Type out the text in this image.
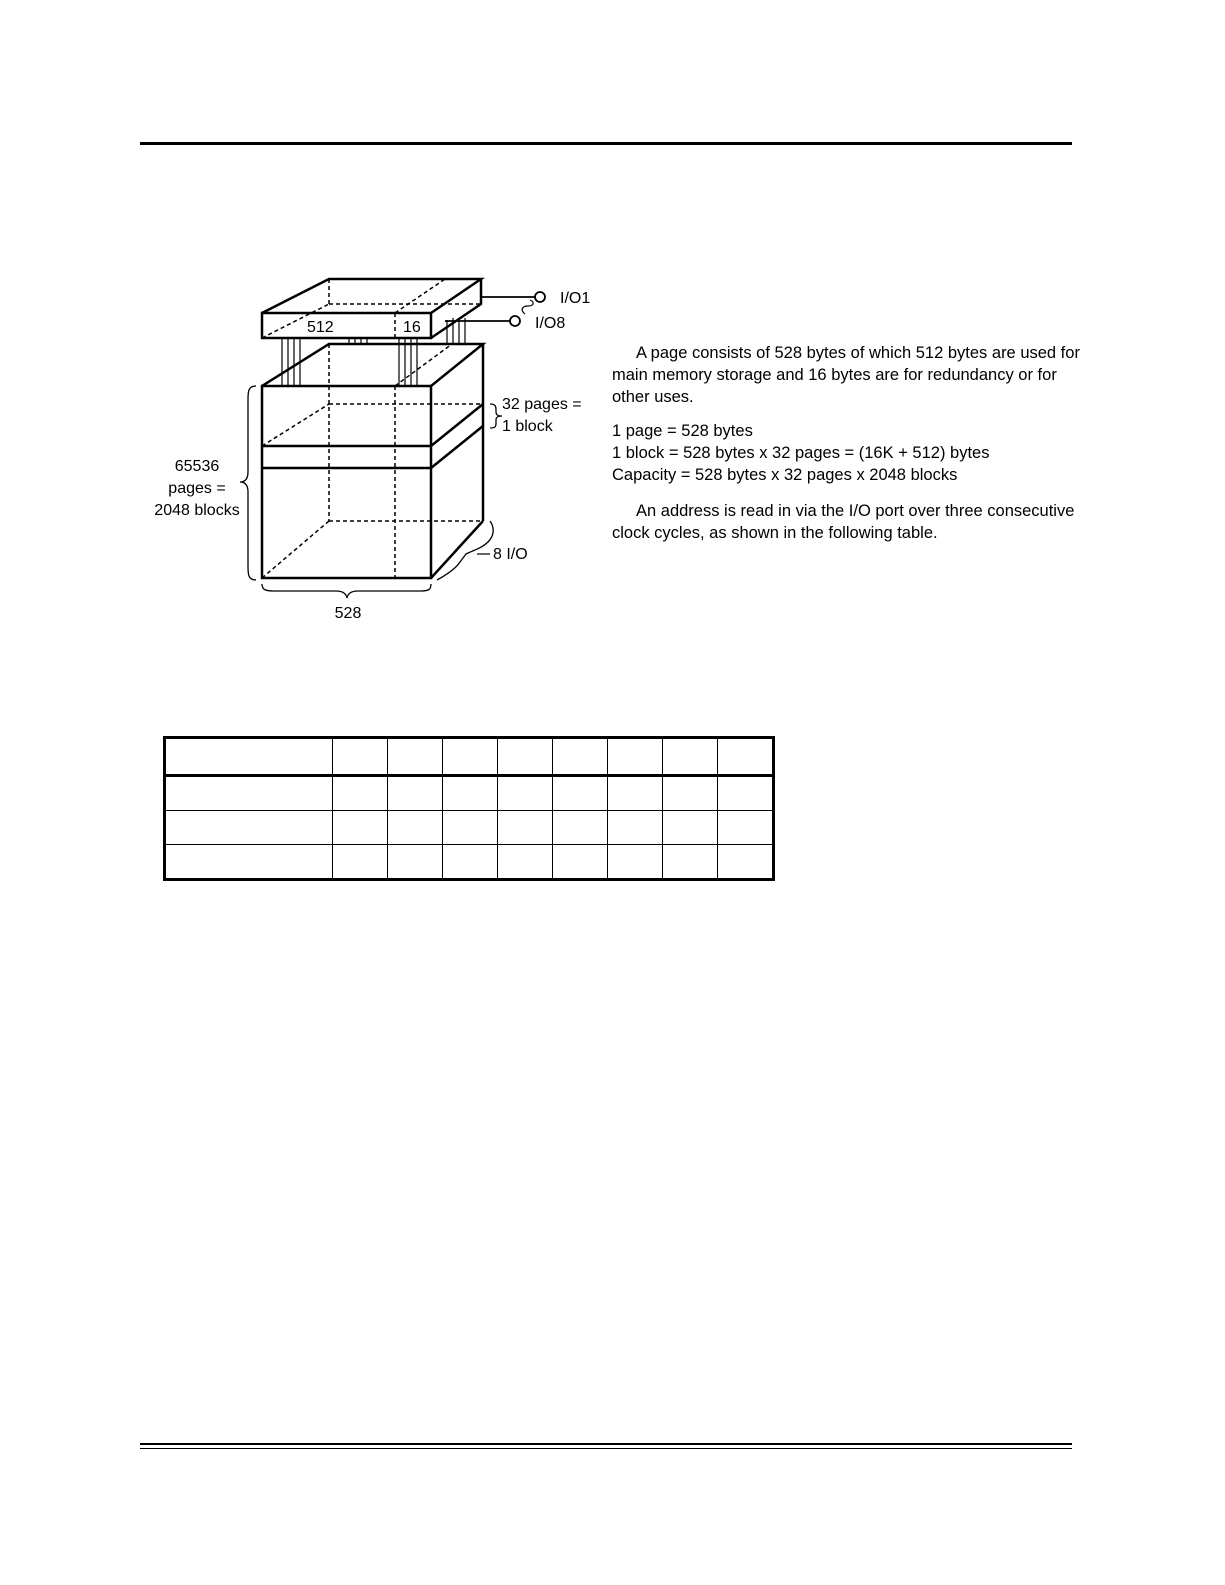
I/O1
I/O8
512	16
32 pages =
1 block
65536
pages =
2048 blocks
8 I/O
528

A page consists of 528 bytes of which 512 bytes are used for main memory storage and 16 bytes are for redundancy or for other uses.

1 page = 528 bytes

1 block = 528 bytes x 32 pages = (16K + 512) bytes

Capacity = 528 bytes x 32 pages x 2048 blocks

An address is read in via the I/O port over three consecutive clock cycles, as shown in the following table.
